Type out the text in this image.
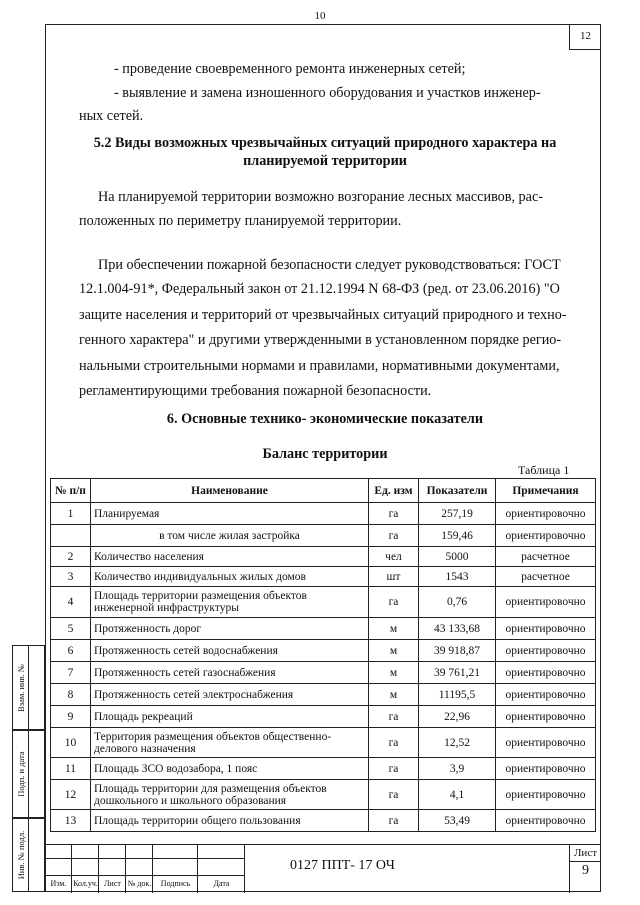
10
12
- проведение своевременного ремонта инженерных сетей;
- выявление и замена изношенного оборудования и участков инженер-
ных сетей.
5.2 Виды возможных чрезвычайных ситуаций природного характера на
планируемой территории
На планируемой территории возможно возгорание лесных массивов, рас-
положенных по периметру планируемой территории.
При обеспечении пожарной безопасности следует руководствоваться: ГОСТ
12.1.004-91*, Федеральный закон от 21.12.1994 N 68-ФЗ (ред. от 23.06.2016) "О
защите населения и территорий от чрезвычайных ситуаций природного и техно-
генного характера" и другими утвержденными в установленном порядке регио-
нальными строительными нормами и правилами, нормативными документами,
регламентирующими требования пожарной безопасности.
6. Основные технико- экономические показатели
Баланс территории
Таблица 1
№ п/п	Наименование	Ед. изм	Показатели	Примечания
1	Планируемая	га	257,19	ориентировочно
	в том числе жилая застройка	га	159,46	ориентировочно
2	Количество населения	чел	5000	расчетное
3	Количество индивидуальных жилых домов	шт	1543	расчетное
4	Площадь территории размещения объектов инженерной инфраструктуры	га	0,76	ориентировочно
5	Протяженность дорог	м	43 133,68	ориентировочно
6	Протяженность сетей водоснабжения	м	39 918,87	ориентировочно
7	Протяженность сетей газоснабжения	м	39 761,21	ориентировочно
8	Протяженность сетей электроснабжения	м	11195,5	ориентировочно
9	Площадь рекреаций	га	22,96	ориентировочно
10	Территория размещения объектов общественно-делового назначения	га	12,52	ориентировочно
11	Площадь ЗСО водозабора, 1 пояс	га	3,9	ориентировочно
12	Площадь территории для размещения объектов дошкольного и школьного образования	га	4,1	ориентировочно
13	Площадь территории общего пользования	га	53,49	ориентировочно
Взам. инв. №
Подп. и дата
Инв. № подл.
Изм. Кол.уч. Лист № док.	Подпись	Дата
Лист
9
0127 ППТ- 17 ОЧ
